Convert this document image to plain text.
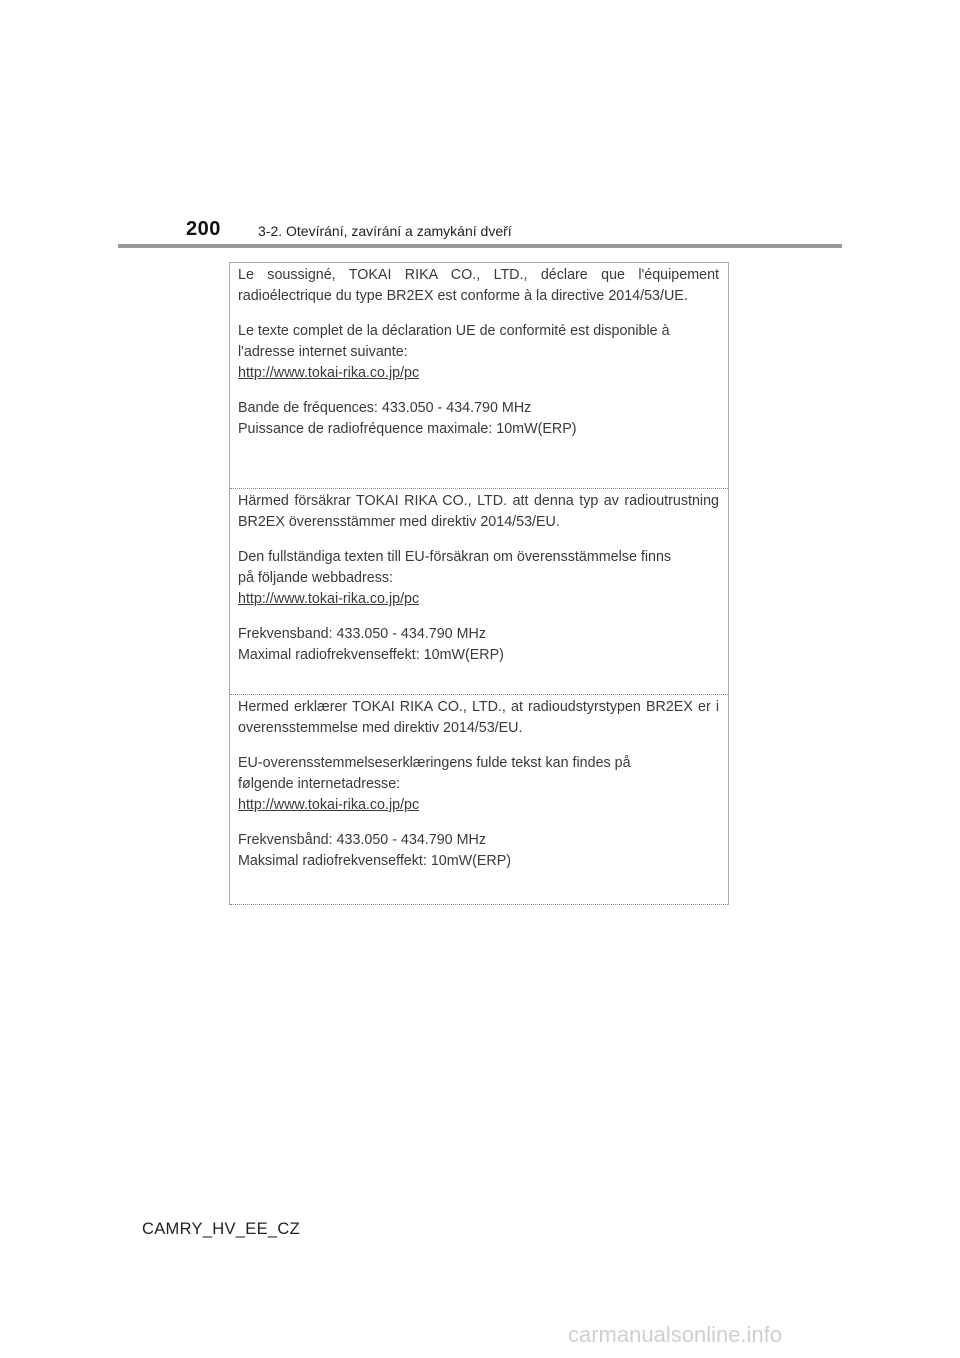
200	3-2. Otevírání, zavírání a zamykání dveří

Le soussigné, TOKAI RIKA CO., LTD., déclare que l'équipement radioélectrique du type BR2EX est conforme à la directive 2014/53/UE.

Le texte complet de la déclaration UE de conformité est disponible à
l'adresse internet suivante:
http://www.tokai-rika.co.jp/pc
Bande de fréquences: 433.050 - 434.790 MHz
Puissance de radiofréquence maximale: 10mW(ERP)

Härmed försäkrar TOKAI RIKA CO., LTD. att denna typ av radioutrustning BR2EX överensstämmer med direktiv 2014/53/EU.

Den fullständiga texten till EU-försäkran om överensstämmelse finns
på följande webbadress:
http://www.tokai-rika.co.jp/pc
Frekvensband: 433.050 - 434.790 MHz
Maximal radiofrekvenseffekt: 10mW(ERP)

Hermed erklærer TOKAI RIKA CO., LTD., at radioudstyrstypen BR2EX er i overensstemmelse med direktiv 2014/53/EU.

EU-overensstemmelseserklæringens fulde tekst kan findes på
følgende internetadresse:
http://www.tokai-rika.co.jp/pc
Frekvensbånd: 433.050 - 434.790 MHz
Maksimal radiofrekvenseffekt: 10mW(ERP)
CAMRY_HV_EE_CZ
carmanualsonline.info
